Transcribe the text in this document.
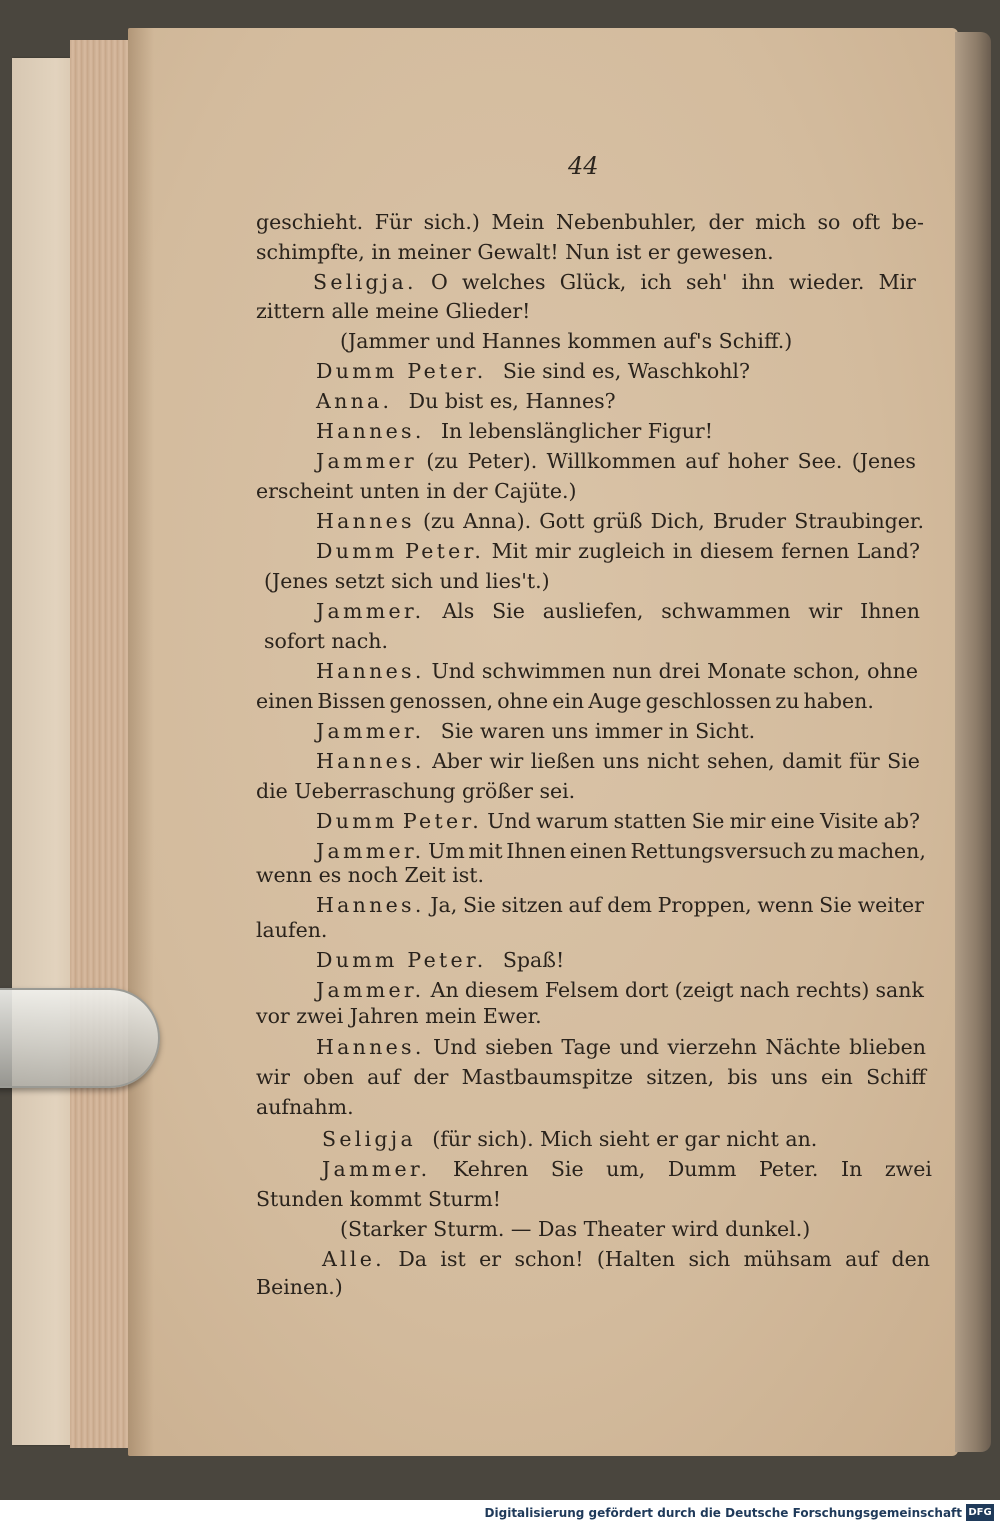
44
geschieht. Für sich.) Mein Nebenbuhler, der mich so oft be-
schimpfte, in meiner Gewalt! Nun ist er gewesen.
Seligja. O welches Glück, ich seh' ihn wieder. Mir
zittern alle meine Glieder!
(Jammer und Hannes kommen auf's Schiff.)
Dumm Peter. Sie sind es, Waschkohl?
Anna. Du bist es, Hannes?
Hannes. In lebenslänglicher Figur!
Jammer (zu Peter). Willkommen auf hoher See. (Jenes
erscheint unten in der Cajüte.)
Hannes (zu Anna). Gott grüß Dich, Bruder Straubinger.
Dumm Peter. Mit mir zugleich in diesem fernen Land?
(Jenes setzt sich und lies't.)
Jammer. Als Sie ausliefen, schwammen wir Ihnen
sofort nach.
Hannes. Und schwimmen nun drei Monate schon, ohne
einen Bissen genossen, ohne ein Auge geschlossen zu haben.
Jammer. Sie waren uns immer in Sicht.
Hannes. Aber wir ließen uns nicht sehen, damit für Sie
die Ueberraschung größer sei.
Dumm Peter. Und warum statten Sie mir eine Visite ab?
Jammer. Um mit Ihnen einen Rettungsversuch zu machen,
wenn es noch Zeit ist.
Hannes. Ja, Sie sitzen auf dem Proppen, wenn Sie weiter
laufen.
Dumm Peter. Spaß!
Jammer. An diesem Felsem dort (zeigt nach rechts) sank
vor zwei Jahren mein Ewer.
Hannes. Und sieben Tage und vierzehn Nächte blieben
wir oben auf der Mastbaumspitze sitzen, bis uns ein Schiff
aufnahm.
Seligja (für sich). Mich sieht er gar nicht an.
Jammer. Kehren Sie um, Dumm Peter. In zwei
Stunden kommt Sturm!
(Starker Sturm. — Das Theater wird dunkel.)
Alle. Da ist er schon! (Halten sich mühsam auf den
Beinen.)
Digitalisierung gefördert durch die Deutsche Forschungsgemeinschaft DFG
